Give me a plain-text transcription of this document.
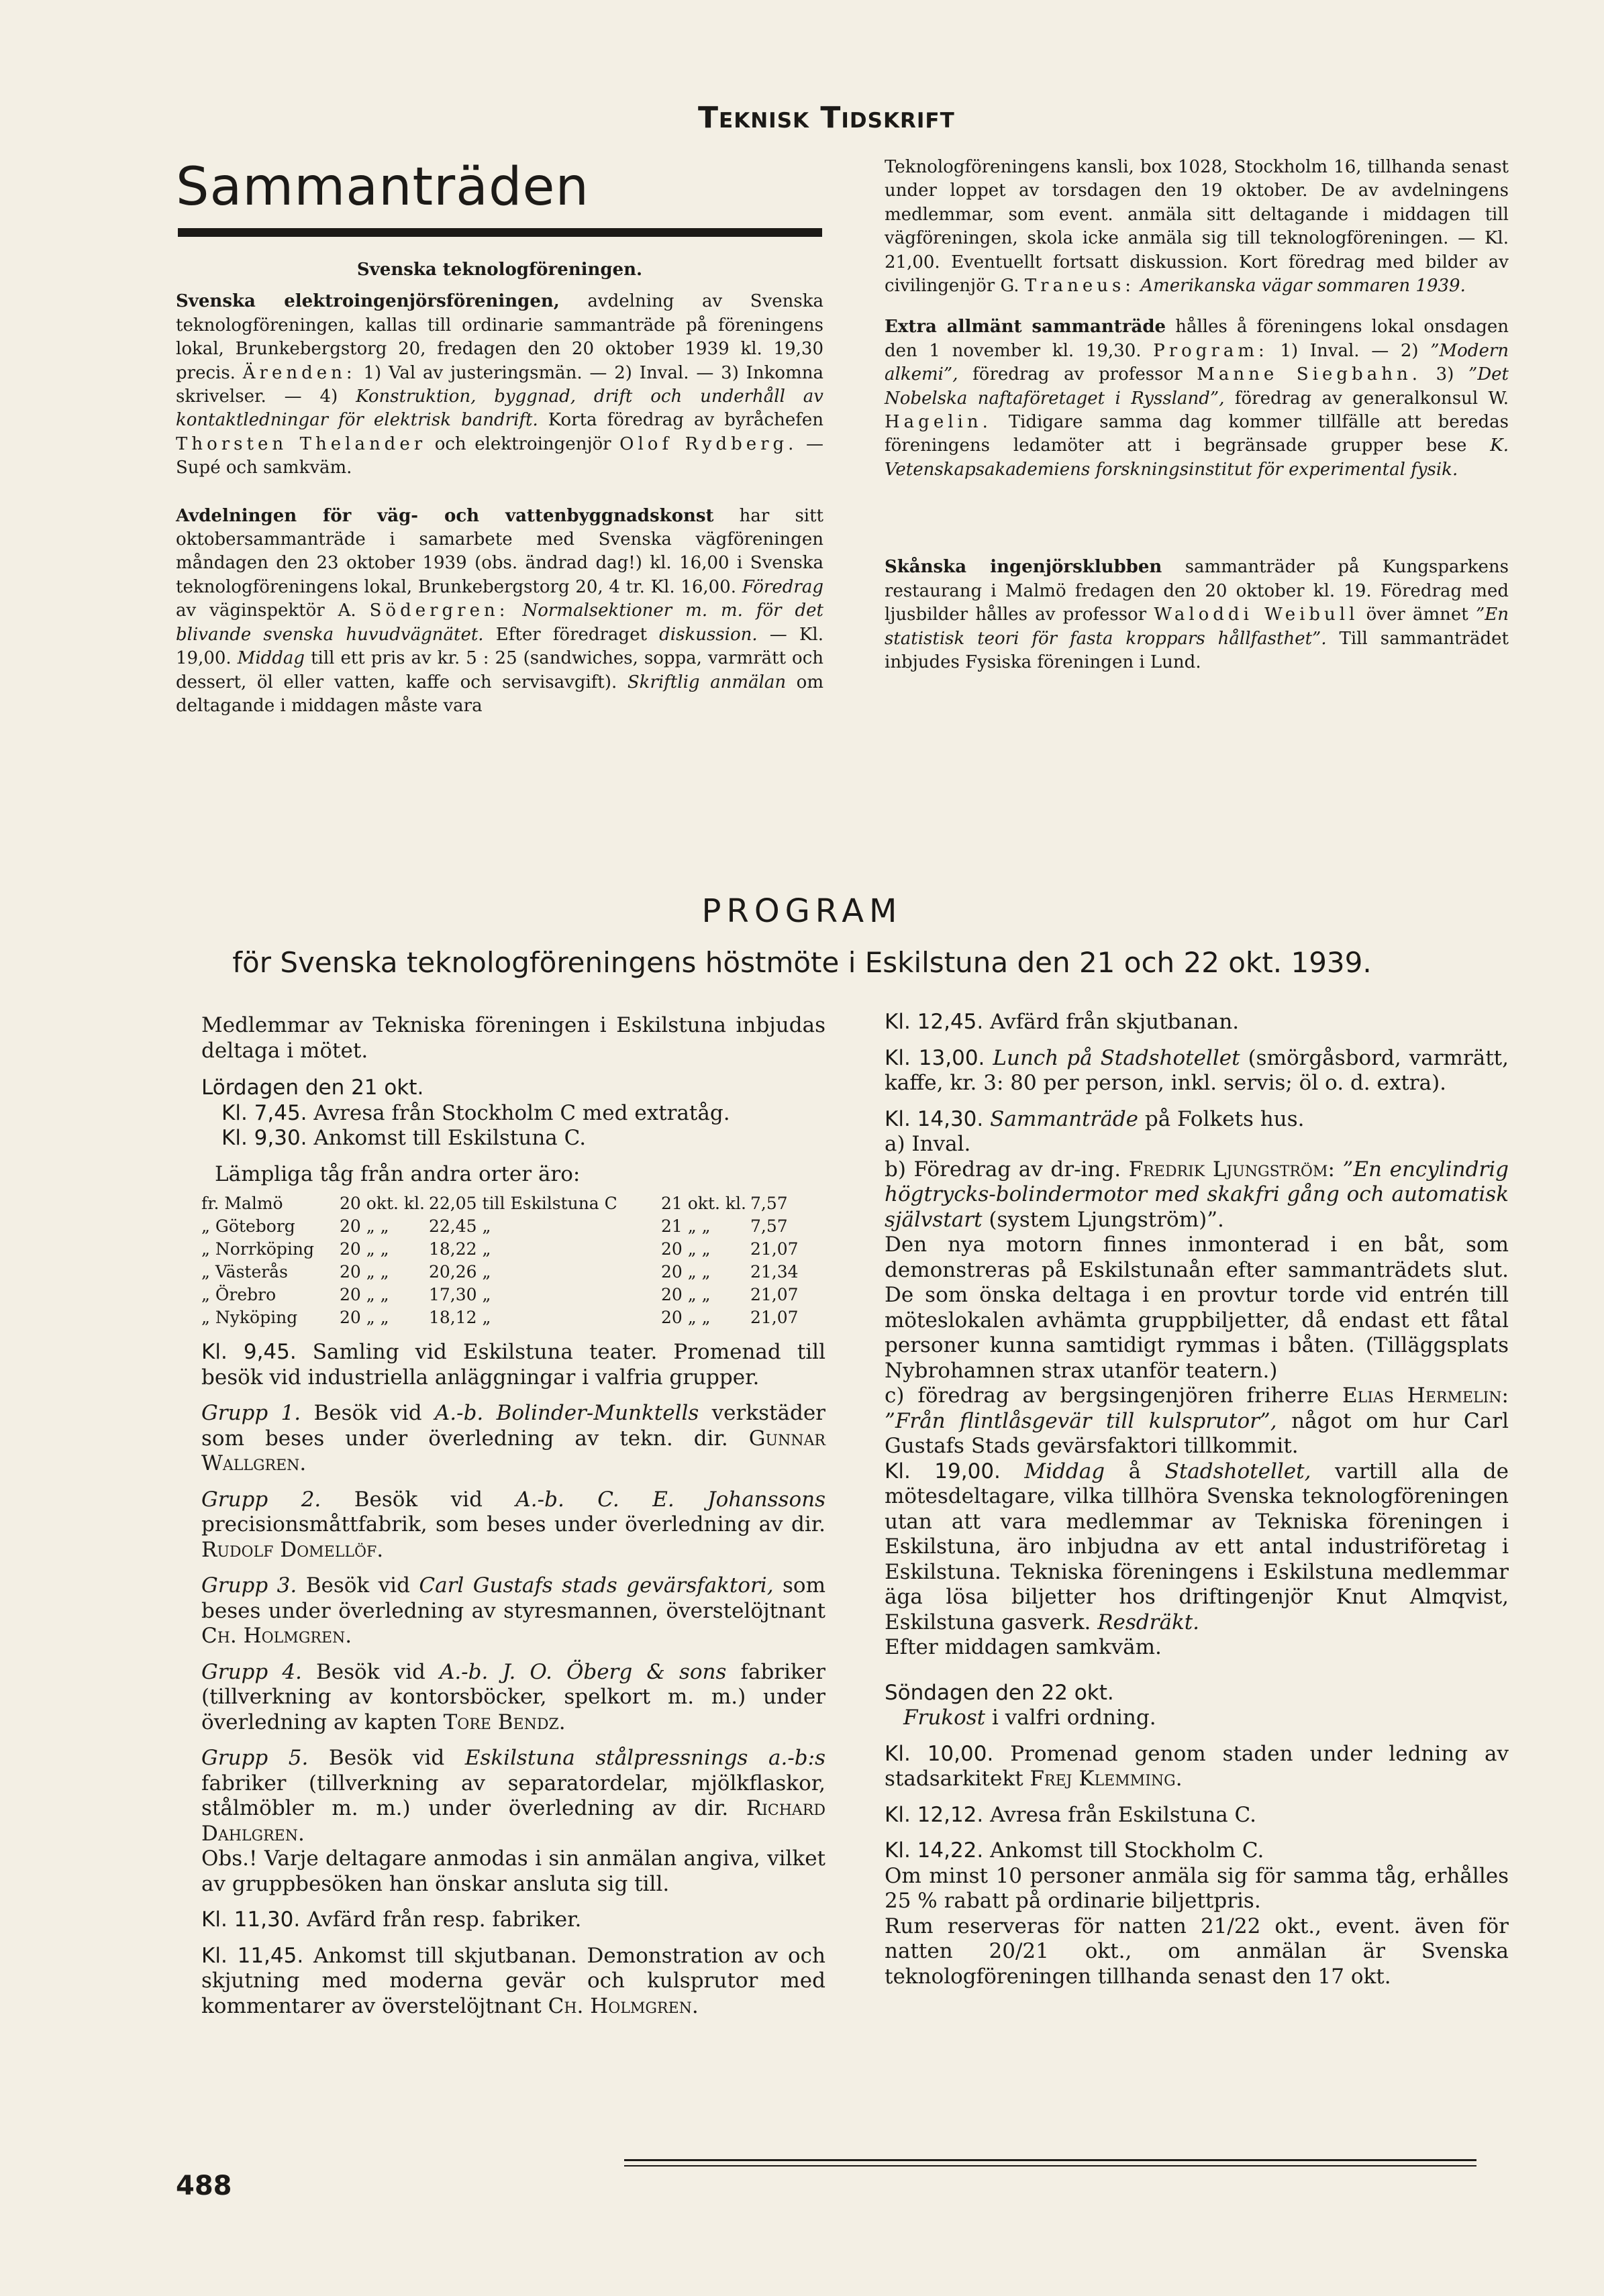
Teknisk Tidskrift
Sammanträden

Svenska teknologföreningen.

Svenska elektroingenjörsföreningen, avdelning av Svenska teknologföreningen, kallas till ordinarie sammanträde på föreningens lokal, Brunkebergstorg 20, fredagen den 20 oktober 1939 kl. 19,30 precis. Ärenden: 1) Val av justeringsmän. — 2) Inval. — 3) Inkomna skrivelser. — 4) Konstruktion, byggnad, drift och underhåll av kontaktledningar för elektrisk bandrift. Korta föredrag av byråchefen Thorsten Thelander och elektroingenjör Olof Rydberg. — Supé och samkväm.

Avdelningen för väg- och vattenbyggnadskonst har sitt oktobersammanträde i samarbete med Svenska vägföreningen måndagen den 23 oktober 1939 (obs. ändrad dag!) kl. 16,00 i Svenska teknologföreningens lokal, Brunkebergstorg 20, 4 tr. Kl. 16,00. Föredrag av väginspektör A. Södergren: Normalsektioner m. m. för det blivande svenska huvudvägnätet. Efter föredraget diskussion. — Kl. 19,00. Middag till ett pris av kr. 5 : 25 (sandwiches, soppa, varmrätt och dessert, öl eller vatten, kaffe och servisavgift). Skriftlig anmälan om deltagande i middagen måste vara

Teknologföreningens kansli, box 1028, Stockholm 16, tillhanda senast under loppet av torsdagen den 19 oktober. De av avdelningens medlemmar, som event. anmäla sitt deltagande i middagen till vägföreningen, skola icke anmäla sig till teknologföreningen. — Kl. 21,00. Eventuellt fortsatt diskussion. Kort föredrag med bilder av civilingenjör G. Traneus: Amerikanska vägar sommaren 1939.

Extra allmänt sammanträde hålles å föreningens lokal onsdagen den 1 november kl. 19,30. Program: 1) Inval. — 2) ”Modern alkemi”, föredrag av professor Manne Siegbahn. 3) ”Det Nobelska naftaföretaget i Ryssland”, föredrag av generalkonsul W. Hagelin. Tidigare samma dag kommer tillfälle att beredas föreningens ledamöter att i begränsade grupper bese K. Vetenskapsakademiens forskningsinstitut för experimental fysik.

Skånska ingenjörsklubben sammanträder på Kungsparkens restaurang i Malmö fredagen den 20 oktober kl. 19. Föredrag med ljusbilder hålles av professor Waloddi Weibull över ämnet ”En statistisk teori för fasta kroppars hållfasthet”. Till sammanträdet inbjudes Fysiska föreningen i Lund.

PROGRAM
för Svenska teknologföreningens höstmöte i Eskilstuna den 21 och 22 okt. 1939.

Medlemmar av Tekniska föreningen i Eskilstuna inbjudas deltaga i mötet.

Lördagen den 21 okt.

Kl. 7,45. Avresa från Stockholm C med extratåg.

Kl. 9,30. Ankomst till Eskilstuna C.

Lämpliga tåg från andra orter äro:

fr. Malmö	20 okt. kl.	22,05 till Eskilstuna C	21 okt. kl.	7,57
„ Göteborg	20 „ „	22,45 „	21 „ „	7,57
„ Norrköping	20 „ „	18,22 „	20 „ „	21,07
„ Västerås	20 „ „	20,26 „	20 „ „	21,34
„ Örebro	20 „ „	17,30 „	20 „ „	21,07
„ Nyköping	20 „ „	18,12 „	20 „ „	21,07

Kl. 9,45. Samling vid Eskilstuna teater. Promenad till besök vid industriella anläggningar i valfria grupper.

Grupp 1. Besök vid A.-b. Bolinder-Munktells verkstäder som beses under överledning av tekn. dir. Gunnar Wallgren.

Grupp 2. Besök vid A.-b. C. E. Johanssons precisionsmåttfabrik, som beses under överledning av dir. Rudolf Domellöf.

Grupp 3. Besök vid Carl Gustafs stads gevärsfaktori, som beses under överledning av styresmannen, överstelöjtnant Ch. Holmgren.

Grupp 4. Besök vid A.-b. J. O. Öberg & sons fabriker (tillverkning av kontorsböcker, spelkort m. m.) under överledning av kapten Tore Bendz.

Grupp 5. Besök vid Eskilstuna stålpressnings a.-b:s fabriker (tillverkning av separatordelar, mjölkflaskor, stålmöbler m. m.) under överledning av dir. Richard Dahlgren.

Obs.! Varje deltagare anmodas i sin anmälan angiva, vilket av gruppbesöken han önskar ansluta sig till.

Kl. 11,30. Avfärd från resp. fabriker.

Kl. 11,45. Ankomst till skjutbanan. Demonstration av och skjutning med moderna gevär och kulsprutor med kommentarer av överstelöjtnant Ch. Holmgren.

Kl. 12,45. Avfärd från skjutbanan.

Kl. 13,00. Lunch på Stadshotellet (smörgåsbord, varmrätt, kaffe, kr. 3: 80 per person, inkl. servis; öl o. d. extra).

Kl. 14,30. Sammanträde på Folkets hus.

a) Inval.

b) Föredrag av dr-ing. Fredrik Ljungström: ”En encylindrig högtrycks-bolindermotor med skakfri gång och automatisk självstart (system Ljungström)”.

Den nya motorn finnes inmonterad i en båt, som demonstreras på Eskilstunaån efter sammanträdets slut. De som önska deltaga i en provtur torde vid entrén till möteslokalen avhämta gruppbiljetter, då endast ett fåtal personer kunna samtidigt rymmas i båten. (Tilläggsplats Nybrohamnen strax utanför teatern.)

c) föredrag av bergsingenjören friherre Elias Hermelin: ”Från flintlåsgevär till kulsprutor”, något om hur Carl Gustafs Stads gevärsfaktori tillkommit.

Kl. 19,00. Middag å Stadshotellet, vartill alla de mötesdeltagare, vilka tillhöra Svenska teknologföreningen utan att vara medlemmar av Tekniska föreningen i Eskilstuna, äro inbjudna av ett antal industriföretag i Eskilstuna. Tekniska föreningens i Eskilstuna medlemmar äga lösa biljetter hos driftingenjör Knut Almqvist, Eskilstuna gasverk. Resdräkt.

Efter middagen samkväm.

Söndagen den 22 okt.

Frukost i valfri ordning.

Kl. 10,00. Promenad genom staden under ledning av stadsarkitekt Frej Klemming.

Kl. 12,12. Avresa från Eskilstuna C.

Kl. 14,22. Ankomst till Stockholm C.

Om minst 10 personer anmäla sig för samma tåg, erhålles 25 % rabatt på ordinarie biljettpris.

Rum reserveras för natten 21/22 okt., event. även för natten 20/21 okt., om anmälan är Svenska teknologföreningen tillhanda senast den 17 okt.

488
